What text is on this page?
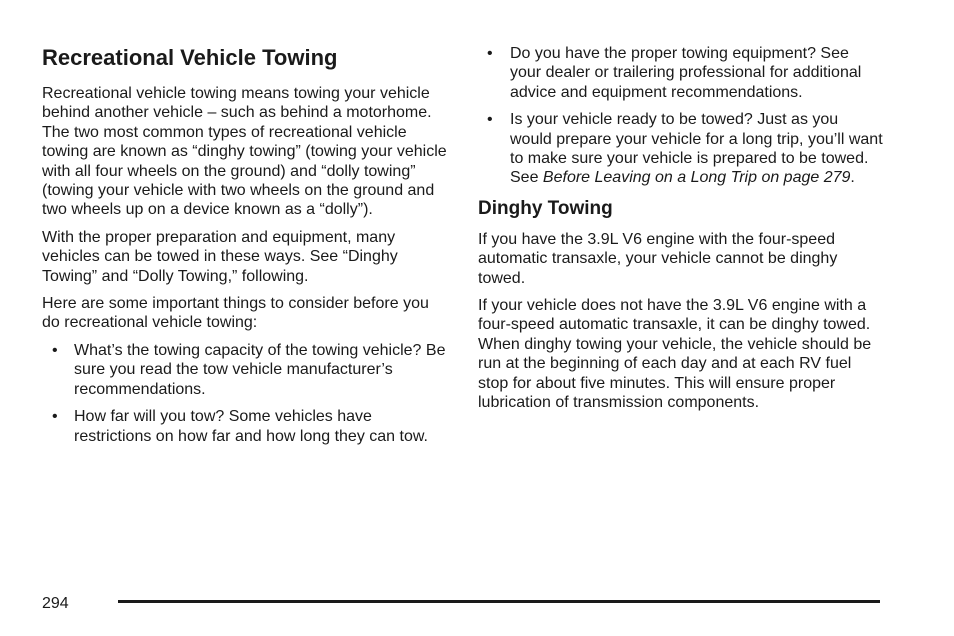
Recreational Vehicle Towing

Recreational vehicle towing means towing your vehicle behind another vehicle – such as behind a motorhome. The two most common types of recreational vehicle towing are known as “dinghy towing” (towing your vehicle with all four wheels on the ground) and “dolly towing” (towing your vehicle with two wheels on the ground and two wheels up on a device known as a “dolly”).

With the proper preparation and equipment, many vehicles can be towed in these ways. See “Dinghy Towing” and “Dolly Towing,” following.

Here are some important things to consider before you do recreational vehicle towing:

• What’s the towing capacity of the towing vehicle? Be sure you read the tow vehicle manufacturer’s recommendations.
• How far will you tow? Some vehicles have restrictions on how far and how long they can tow.
• Do you have the proper towing equipment? See your dealer or trailering professional for additional advice and equipment recommendations.
• Is your vehicle ready to be towed? Just as you would prepare your vehicle for a long trip, you’ll want to make sure your vehicle is prepared to be towed. See Before Leaving on a Long Trip on page 279.
Dinghy Towing

If you have the 3.9L V6 engine with the four-speed automatic transaxle, your vehicle cannot be dinghy towed.

If your vehicle does not have the 3.9L V6 engine with a four-speed automatic transaxle, it can be dinghy towed. When dinghy towing your vehicle, the vehicle should be run at the beginning of each day and at each RV fuel stop for about five minutes. This will ensure proper lubrication of transmission components.

294
